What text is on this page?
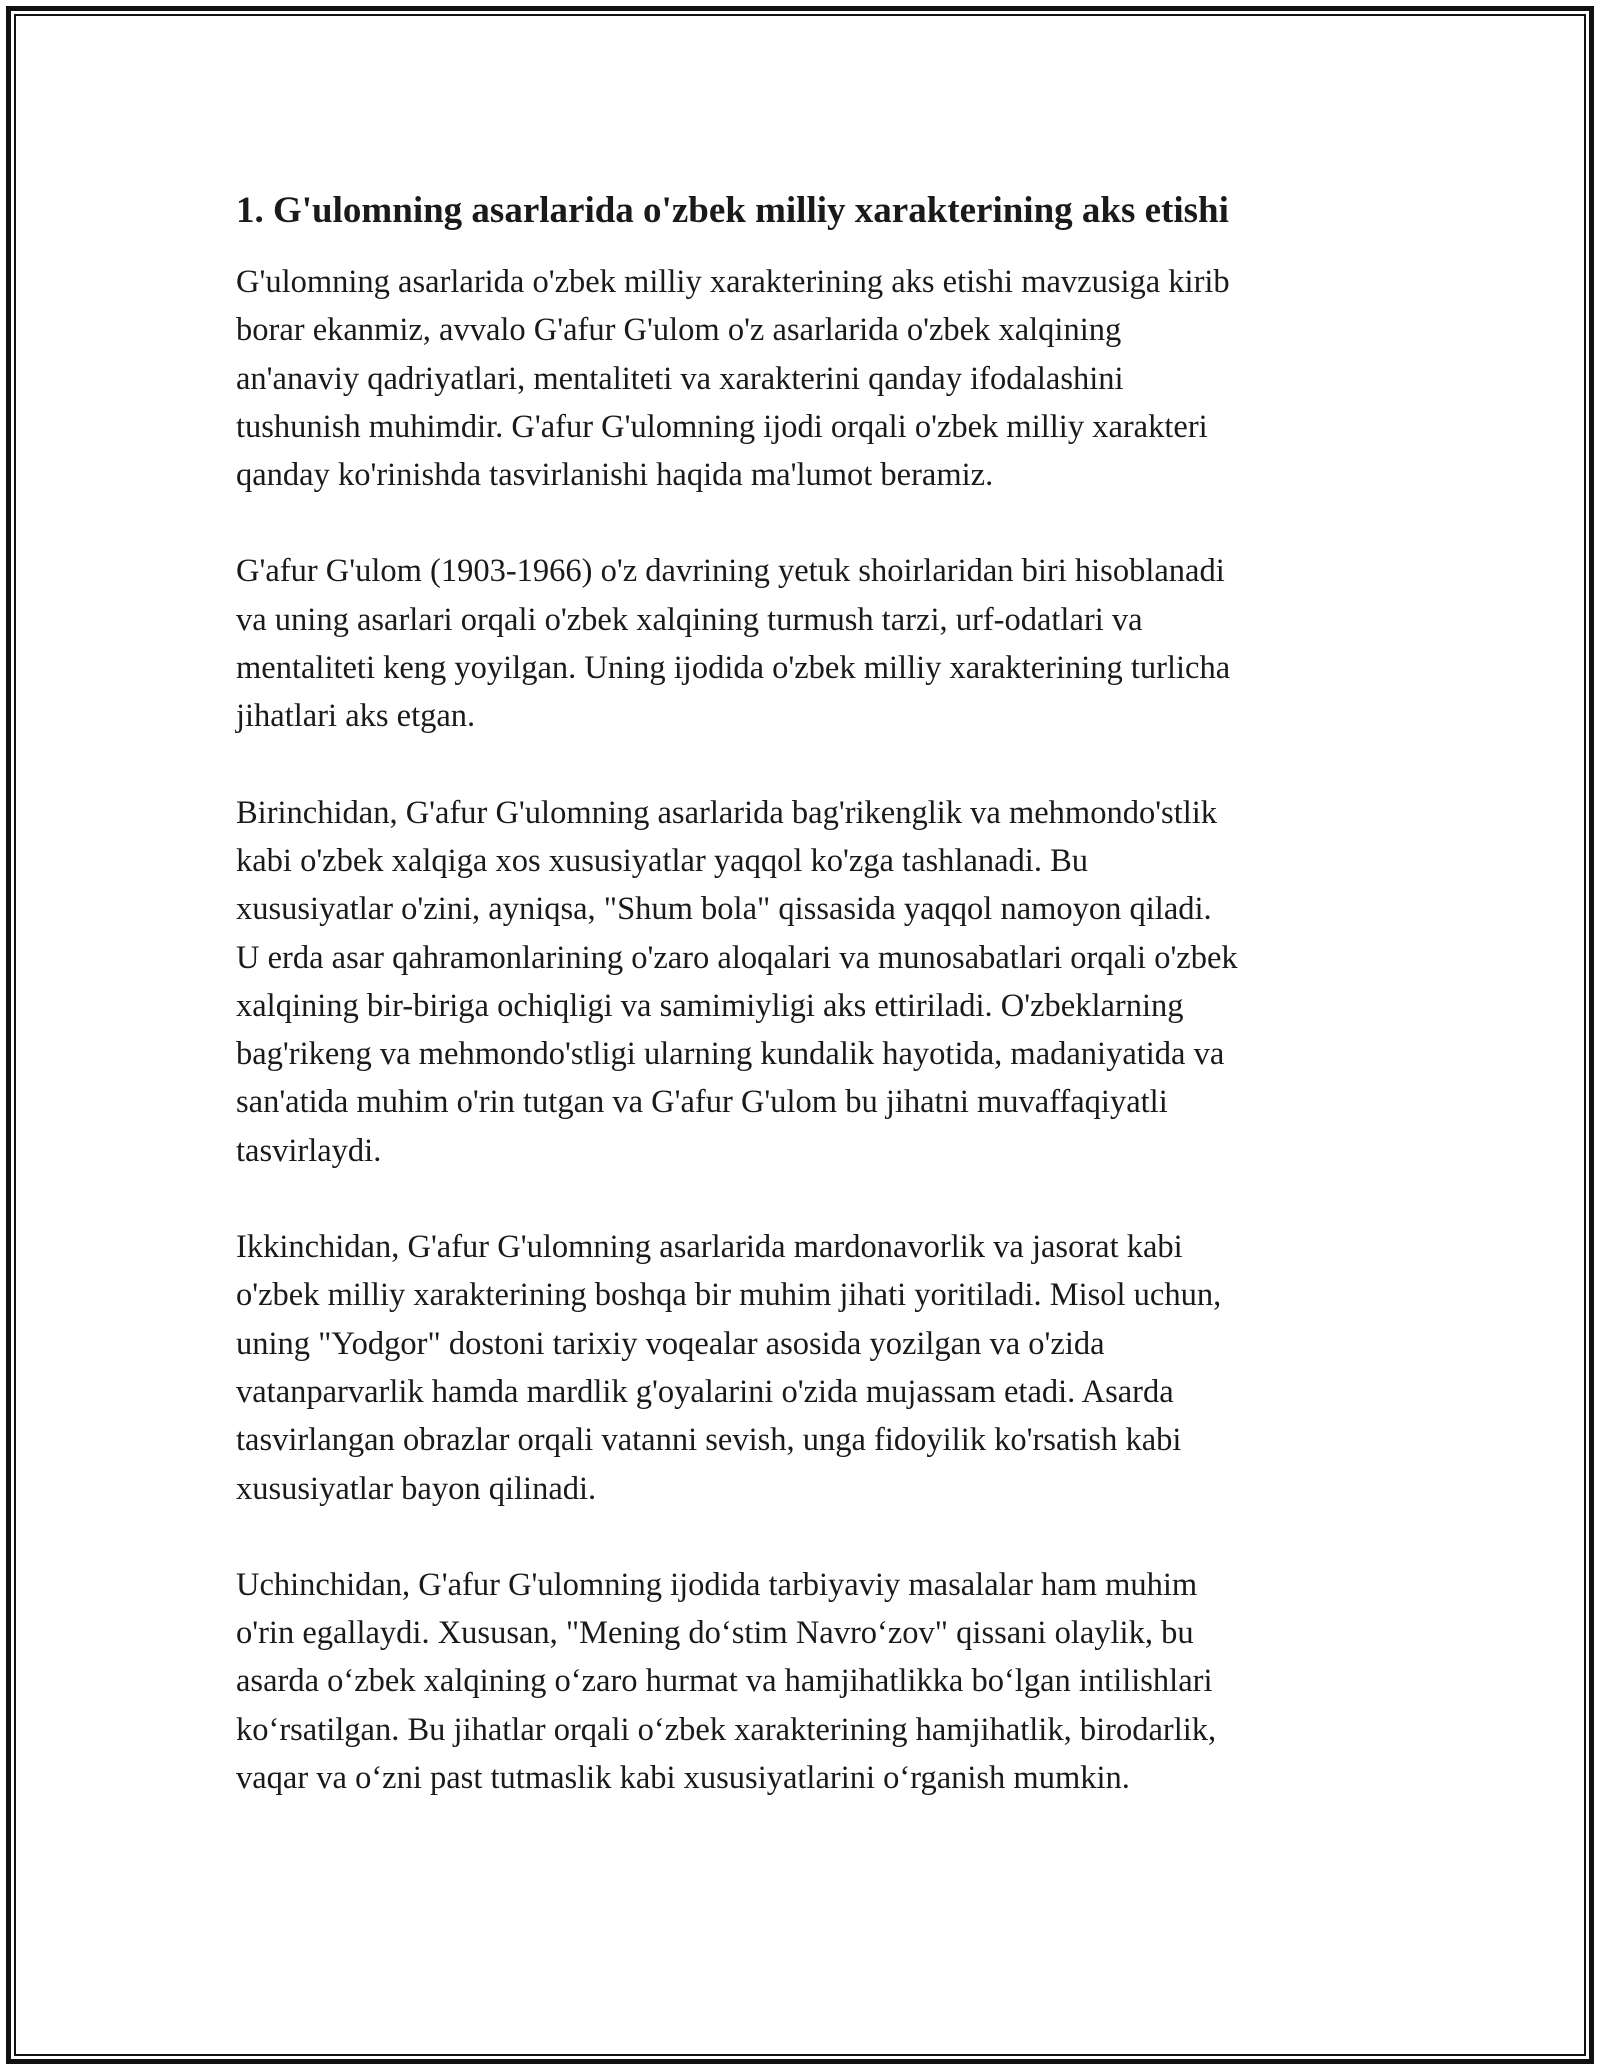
1. G'ulomning asarlarida o'zbek milliy xarakterining aks etishi
G'ulomning asarlarida o'zbek milliy xarakterining aks etishi mavzusiga kirib
borar ekanmiz, avvalo G'afur G'ulom o'z asarlarida o'zbek xalqining
an'anaviy qadriyatlari, mentaliteti va xarakterini qanday ifodalashini
tushunish muhimdir. G'afur G'ulomning ijodi orqali o'zbek milliy xarakteri
qanday ko'rinishda tasvirlanishi haqida ma'lumot beramiz.
G'afur G'ulom (1903-1966) o'z davrining yetuk shoirlaridan biri hisoblanadi
va uning asarlari orqali o'zbek xalqining turmush tarzi, urf-odatlari va
mentaliteti keng yoyilgan. Uning ijodida o'zbek milliy xarakterining turlicha
jihatlari aks etgan.
Birinchidan, G'afur G'ulomning asarlarida bag'rikenglik va mehmondo'stlik
kabi o'zbek xalqiga xos xususiyatlar yaqqol ko'zga tashlanadi. Bu
xususiyatlar o'zini, ayniqsa, "Shum bola" qissasida yaqqol namoyon qiladi.
U erda asar qahramonlarining o'zaro aloqalari va munosabatlari orqali o'zbek
xalqining bir-biriga ochiqligi va samimiyligi aks ettiriladi. O'zbeklarning
bag'rikeng va mehmondo'stligi ularning kundalik hayotida, madaniyatida va
san'atida muhim o'rin tutgan va G'afur G'ulom bu jihatni muvaffaqiyatli
tasvirlaydi.
Ikkinchidan, G'afur G'ulomning asarlarida mardonavorlik va jasorat kabi
o'zbek milliy xarakterining boshqa bir muhim jihati yoritiladi. Misol uchun,
uning "Yodgor" dostoni tarixiy voqealar asosida yozilgan va o'zida
vatanparvarlik hamda mardlik g'oyalarini o'zida mujassam etadi. Asarda
tasvirlangan obrazlar orqali vatanni sevish, unga fidoyilik ko'rsatish kabi
xususiyatlar bayon qilinadi.
Uchinchidan, G'afur G'ulomning ijodida tarbiyaviy masalalar ham muhim
o'rin egallaydi. Xususan, "Mening do‘stim Navro‘zov" qissani olaylik, bu
asarda o‘zbek xalqining o‘zaro hurmat va hamjihatlikka bo‘lgan intilishlari
ko‘rsatilgan. Bu jihatlar orqali o‘zbek xarakterining hamjihatlik, birodarlik,
vaqar va o‘zni past tutmaslik kabi xususiyatlarini o‘rganish mumkin.
